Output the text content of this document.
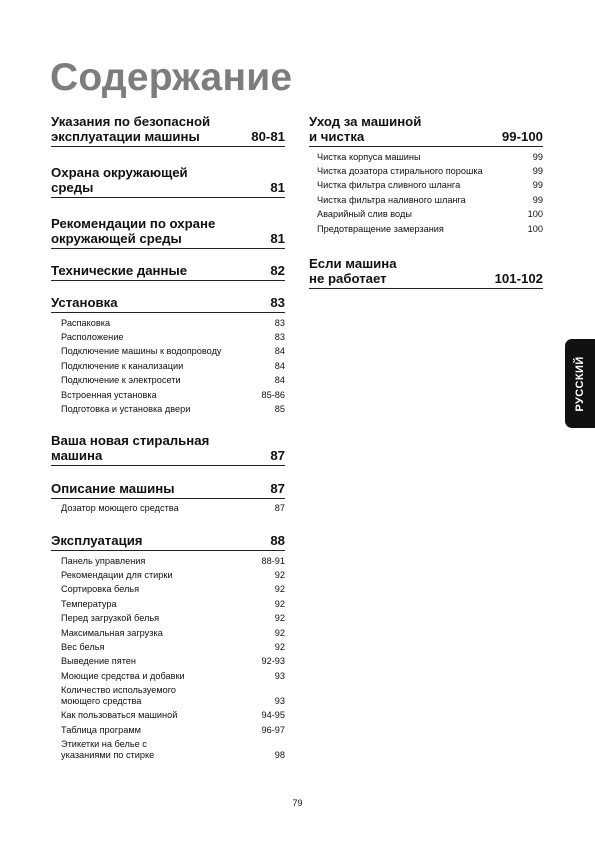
Содержание
Указания по безопасной
эксплуатации машины	80-81
Охрана окружающей среды	81
Рекомендации по охране
окружающей среды	81
Технические данные	82
Установка	83
Распаковка	83
Расположение	83
Подключение машины к водопроводу	84
Подключение к канализации	84
Подключение к электросети	84
Встроенная установка	85-86
Подготовка и установка двери	85
Ваша новая стиральная
машина	87
Описание машины	87
Дозатор моющего средства	87
Эксплуатация	88
Панель управления	88-91
Рекомендации для стирки	92
Сортировка белья	92
Температура	92
Перед загрузкой белья	92
Максимальная загрузка	92
Вес белья	92
Выведение пятен	92-93
Моющие средства и добавки	93
Количество используемого
моющего средства	93
Как пользоваться машиной	94-95
Таблица программ	96-97
Этикетки на белье с
указаниями по стирке	98
Уход за машиной
и чистка	99-100
Чистка корпуса машины	99
Чистка дозатора стирального порошка	99
Чистка фильтра сливного шланга	99
Чистка фильтра наливного шланга	99
Аварийный слив воды	100
Предотвращение замерзания	100
Если машина
не работает	101-102
РУССКИЙ
79
